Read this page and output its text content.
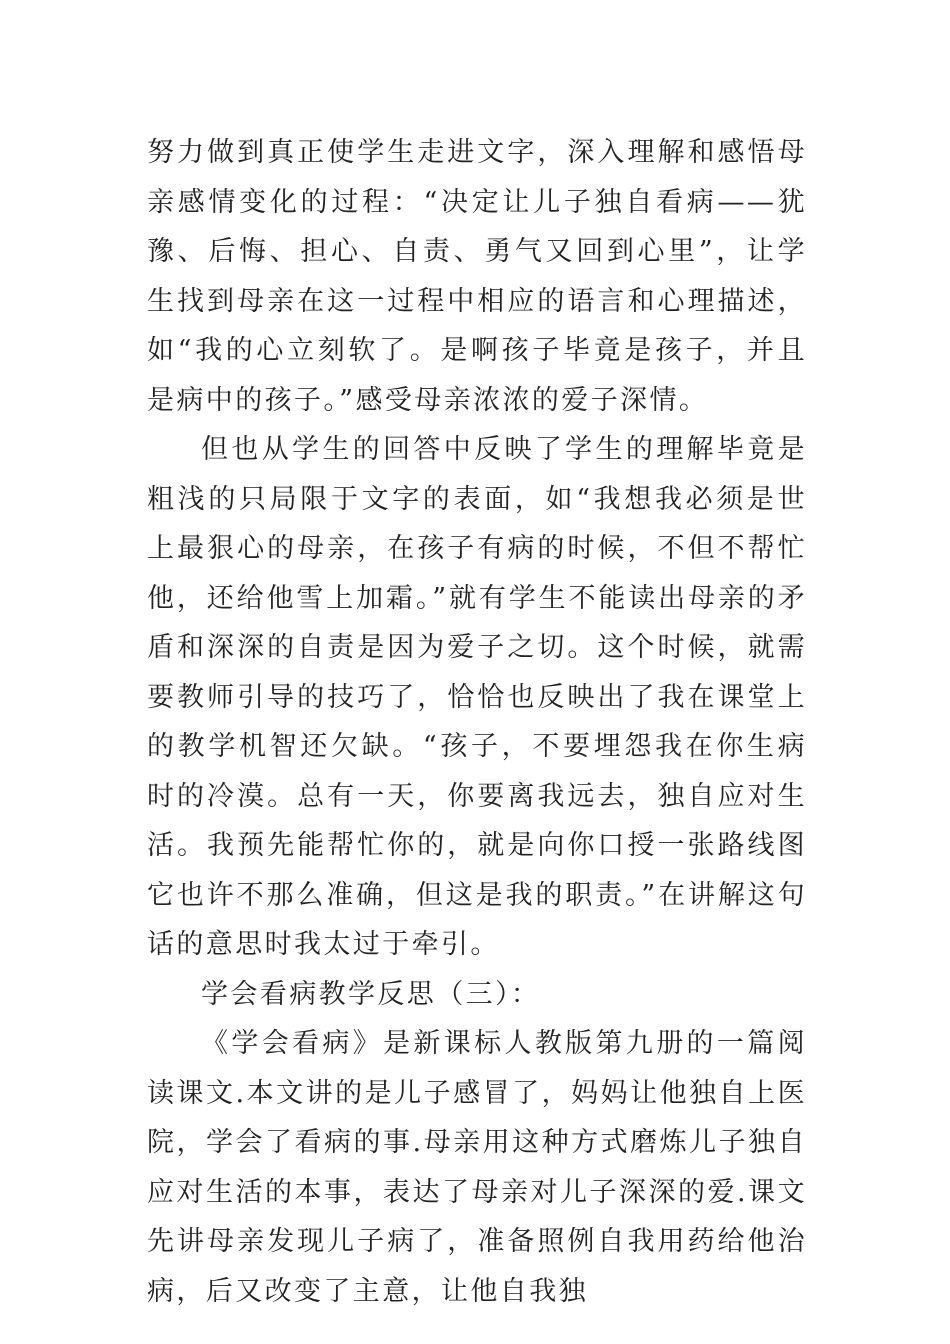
努力做到真正使学生走进文字，深入理解和感悟母亲感情变化的过程：“决定让儿子独自看病——犹豫、后悔、担心、自责、勇气又回到心里”，让学生找到母亲在这一过程中相应的语言和心理描述，如“我的心立刻软了。是啊孩子毕竟是孩子，并且是病中的孩子。”感受母亲浓浓的爱子深情。

但也从学生的回答中反映了学生的理解毕竟是粗浅的只局限于文字的表面，如“我想我必须是世上最狠心的母亲，在孩子有病的时候，不但不帮忙他，还给他雪上加霜。”就有学生不能读出母亲的矛盾和深深的自责是因为爱子之切。这个时候，就需要教师引导的技巧了，恰恰也反映出了我在课堂上的教学机智还欠缺。“孩子，不要埋怨我在你生病时的冷漠。总有一天，你要离我远去，独自应对生活。我预先能帮忙你的，就是向你口授一张路线图它也许不那么准确，但这是我的职责。”在讲解这句话的意思时我太过于牵引。

学会看病教学反思（三）：

《学会看病》是新课标人教版第九册的一篇阅读课文.本文讲的是儿子感冒了，妈妈让他独自上医院，学会了看病的事.母亲用这种方式磨炼儿子独自应对生活的本事，表达了母亲对儿子深深的爱.课文先讲母亲发现儿子病了，准备照例自我用药给他治病，后又改变了主意，让他自我独
